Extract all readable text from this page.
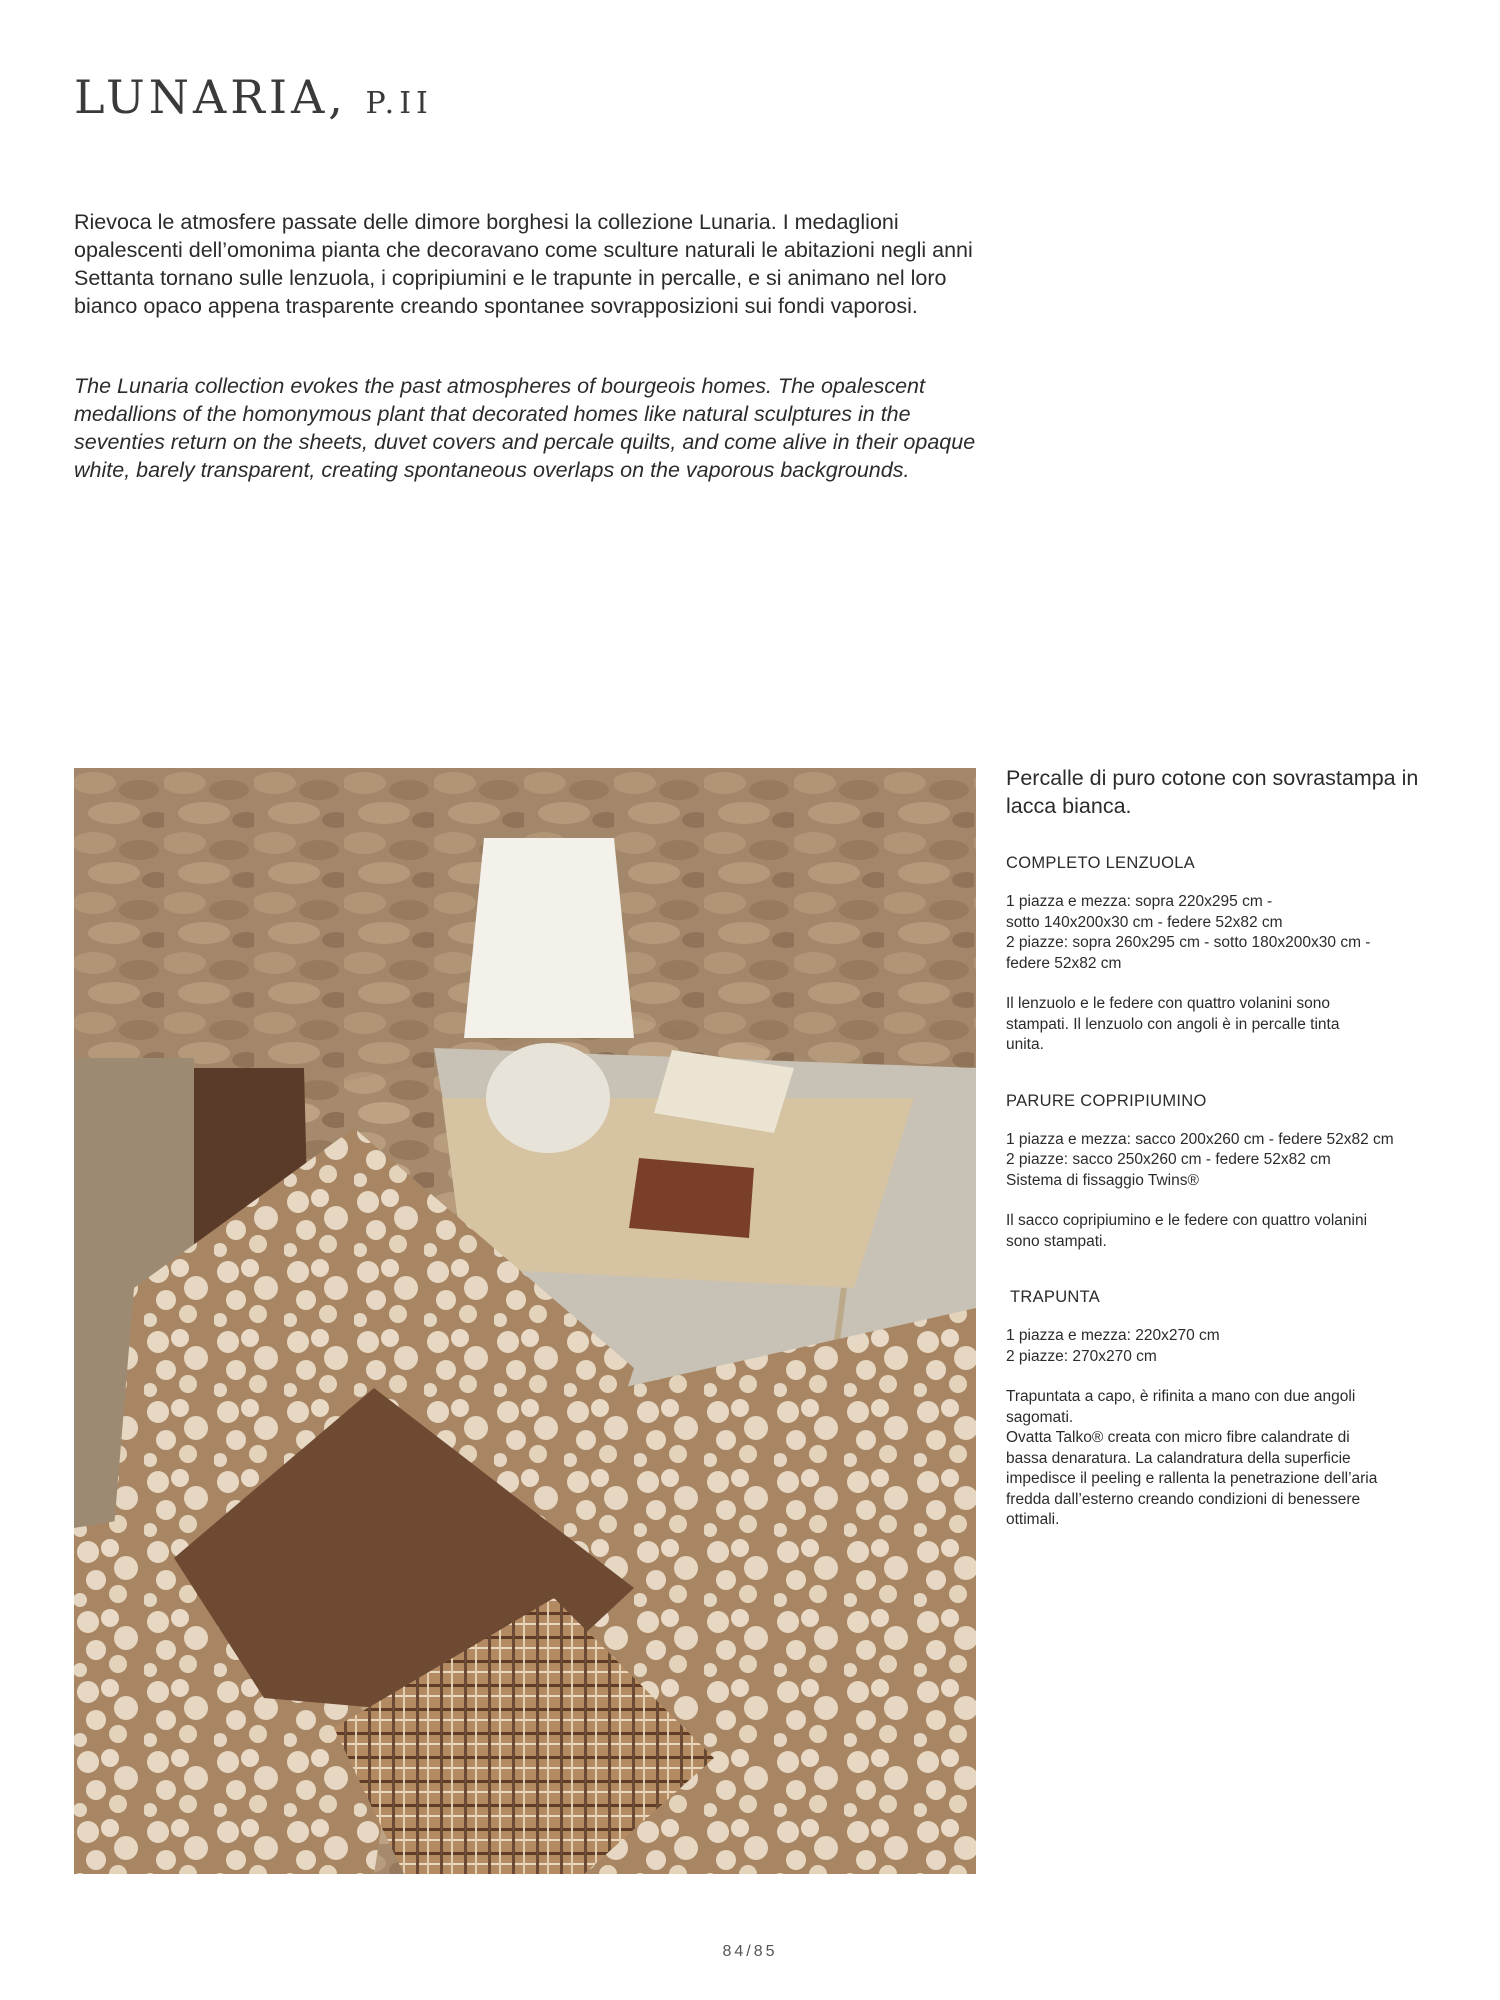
LUNARIA, P.II

Rievoca le atmosfere passate delle dimore borghesi la collezione Lunaria. I medaglioni opalescenti dell’omonima pianta che decoravano come sculture naturali le abitazioni negli anni Settanta tornano sulle lenzuola, i copripiumini e le trapunte in percalle, e si animano nel loro bianco opaco appena trasparente creando spontanee sovrapposizioni sui fondi vaporosi.

The Lunaria collection evokes the past atmospheres of bourgeois homes. The opalescent medallions of the homonymous plant that decorated homes like natural sculptures in the seventies return on the sheets, duvet covers and percale quilts, and come alive in their opaque white, barely transparent, creating spontaneous overlaps on the vaporous backgrounds.

Percalle di puro cotone con sovrastampa in lacca bianca.

COMPLETO LENZUOLA

1 piazza e mezza: sopra 220x295 cm -
sotto 140x200x30 cm - federe 52x82 cm
2 piazze: sopra 260x295 cm - sotto 180x200x30 cm -
federe 52x82 cm

Il lenzuolo e le federe con quattro volanini sono
stampati. Il lenzuolo con angoli è in percalle tinta
unita.

PARURE COPRIPIUMINO

1 piazza e mezza: sacco 200x260 cm - federe 52x82 cm
2 piazze: sacco 250x260 cm - federe 52x82 cm
Sistema di fissaggio Twins®

Il sacco copripiumino e le federe con quattro volanini
sono stampati.

TRAPUNTA

1 piazza e mezza: 220x270 cm
2 piazze: 270x270 cm

Trapuntata a capo, è rifinita a mano con due angoli
sagomati.
Ovatta Talko® creata con micro fibre calandrate di
bassa denaratura. La calandratura della superficie
impedisce il peeling e rallenta la penetrazione dell’aria
fredda dall’esterno creando condizioni di benessere
ottimali.

84/85
